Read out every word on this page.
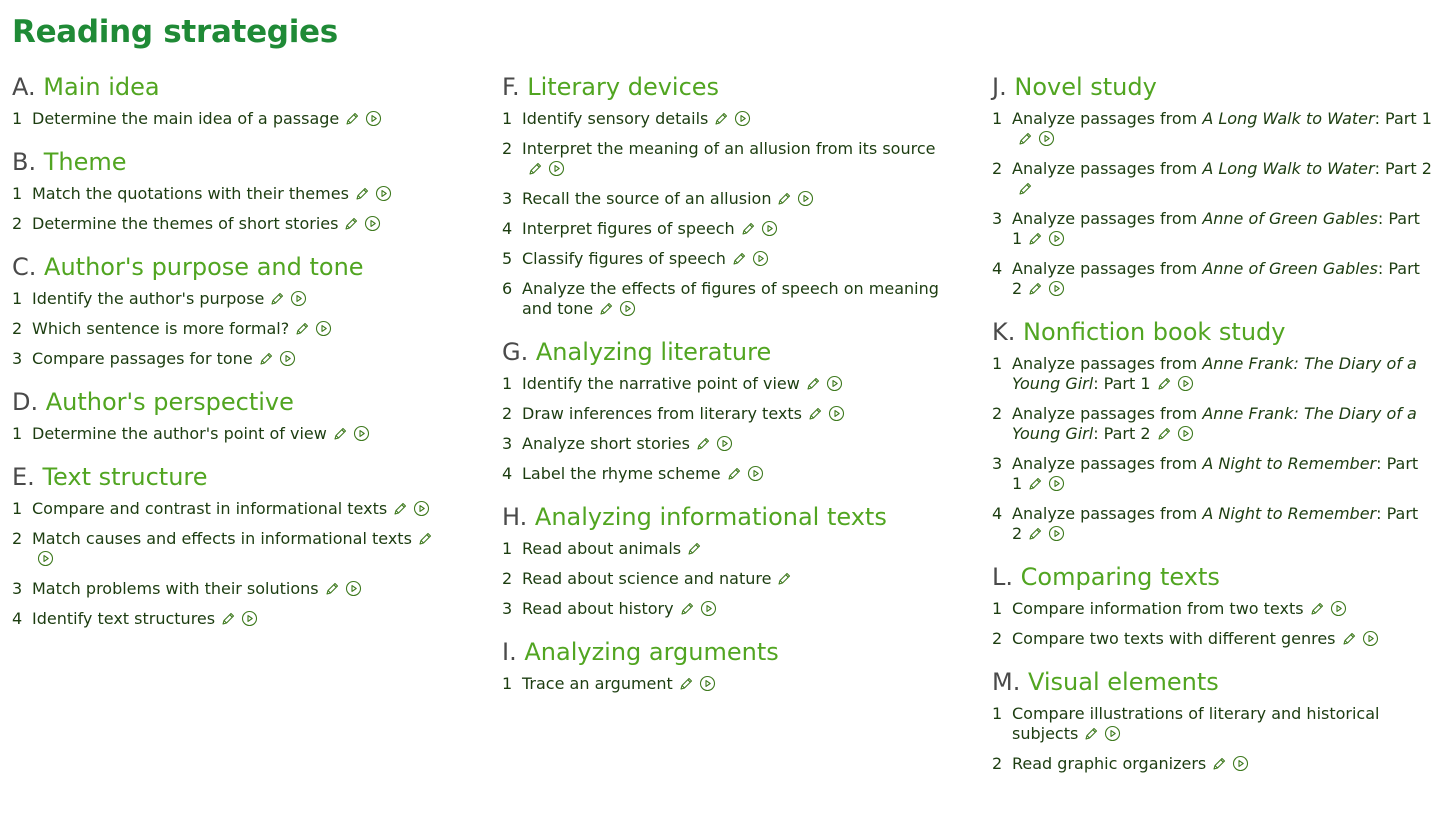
Reading strategies
A. Main idea
1 Determine the main idea of a passage
B. Theme
1 Match the quotations with their themes
2 Determine the themes of short stories
C. Author's purpose and tone
1 Identify the author's purpose
2 Which sentence is more formal?
3 Compare passages for tone
D. Author's perspective
1 Determine the author's point of view
E. Text structure
1 Compare and contrast in informational texts
2 Match causes and effects in informational texts
3 Match problems with their solutions
4 Identify text structures
F. Literary devices
1 Identify sensory details
2 Interpret the meaning of an allusion from its source
3 Recall the source of an allusion
4 Interpret figures of speech
5 Classify figures of speech
6 Analyze the effects of figures of speech on meaning and tone
G. Analyzing literature
1 Identify the narrative point of view
2 Draw inferences from literary texts
3 Analyze short stories
4 Label the rhyme scheme
H. Analyzing informational texts
1 Read about animals
2 Read about science and nature
3 Read about history
I. Analyzing arguments
1 Trace an argument
J. Novel study
1 Analyze passages from A Long Walk to Water: Part 1
2 Analyze passages from A Long Walk to Water: Part 2
3 Analyze passages from Anne of Green Gables: Part 1
4 Analyze passages from Anne of Green Gables: Part 2
K. Nonfiction book study
1 Analyze passages from Anne Frank: The Diary of a Young Girl: Part 1
2 Analyze passages from Anne Frank: The Diary of a Young Girl: Part 2
3 Analyze passages from A Night to Remember: Part 1
4 Analyze passages from A Night to Remember: Part 2
L. Comparing texts
1 Compare information from two texts
2 Compare two texts with different genres
M. Visual elements
1 Compare illustrations of literary and historical subjects
2 Read graphic organizers
